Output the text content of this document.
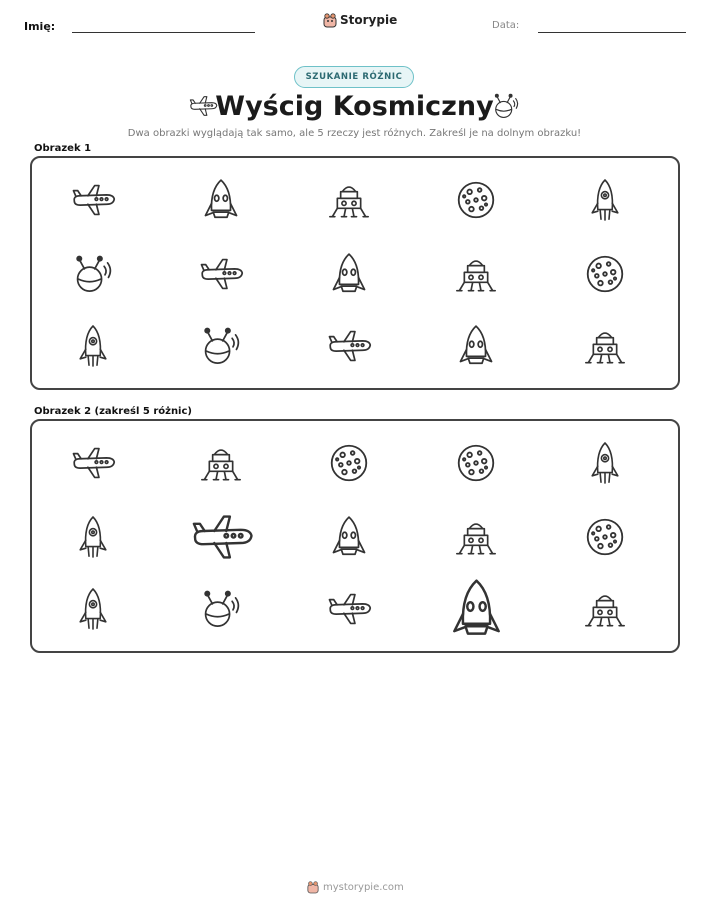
Imię:	Storypie	Data:
SZUKANIE RÓŻNIC
Wyścig Kosmiczny
Dwa obrazki wyglądają tak samo, ale 5 rzeczy jest różnych. Zakreśl je na dolnym obrazku!
Obrazek 1
Obrazek 2 (zakreśl 5 różnic)
mystorypie.com
